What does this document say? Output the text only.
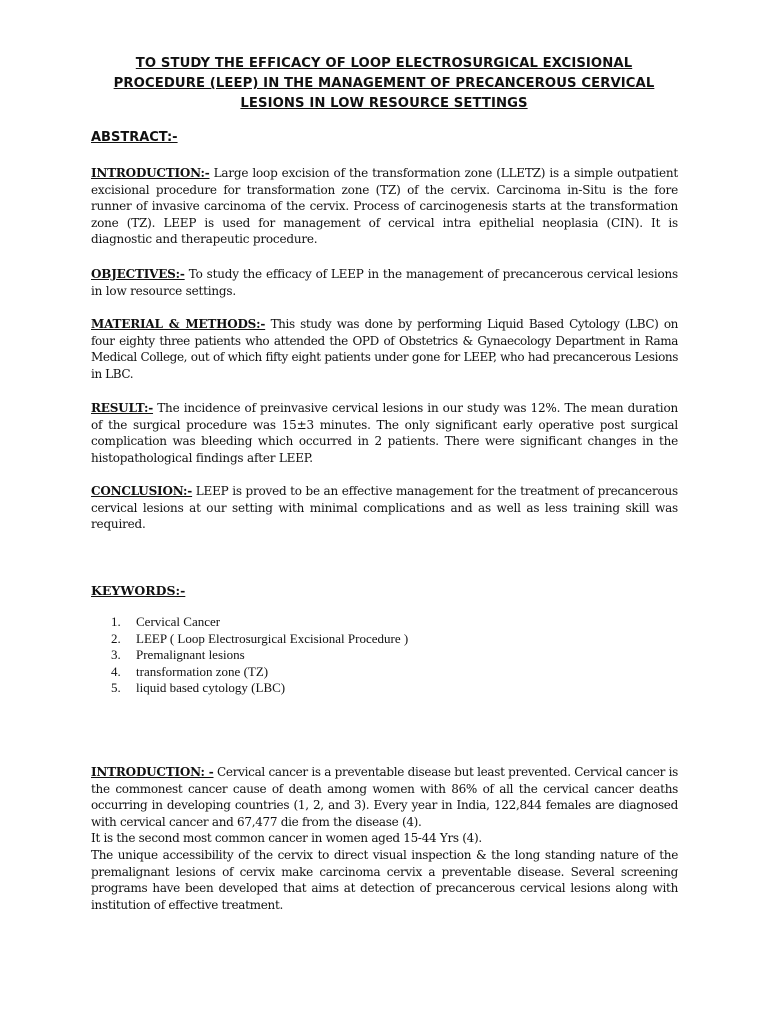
TO STUDY THE EFFICACY OF LOOP ELECTROSURGICAL EXCISIONAL
PROCEDURE (LEEP) IN THE MANAGEMENT OF PRECANCEROUS CERVICAL
LESIONS IN LOW RESOURCE SETTINGS
ABSTRACT:-
INTRODUCTION:- Large loop excision of the transformation zone (LLETZ) is a simple outpatient excisional procedure for transformation zone (TZ) of the cervix. Carcinoma in-Situ is the fore runner of invasive carcinoma of the cervix. Process of carcinogenesis starts at the transformation zone (TZ). LEEP is used for management of cervical intra epithelial neoplasia (CIN). It is diagnostic and therapeutic procedure.
OBJECTIVES:- To study the efficacy of LEEP in the management of precancerous cervical lesions in low resource settings.
MATERIAL & METHODS:- This study was done by performing Liquid Based Cytology (LBC) on four eighty three patients who attended the OPD of Obstetrics & Gynaecology Department in Rama Medical College, out of which fifty eight patients under gone for LEEP, who had precancerous Lesions in LBC.
RESULT:- The incidence of preinvasive cervical lesions in our study was 12%. The mean duration of the surgical procedure was 15±3 minutes. The only significant early operative post surgical complication was bleeding which occurred in 2 patients. There were significant changes in the histopathological findings after LEEP.
CONCLUSION:- LEEP is proved to be an effective management for the treatment of precancerous cervical lesions at our setting with minimal complications and as well as less training skill was required.
KEYWORDS:-
1.	Cervical Cancer
2.	LEEP ( Loop Electrosurgical Excisional Procedure )
3.	Premalignant lesions
4.	transformation zone (TZ)
5.	liquid based cytology (LBC)

INTRODUCTION: - Cervical cancer is a preventable disease but least prevented. Cervical cancer is the commonest cancer cause of death among women with 86% of all the cervical cancer deaths occurring in developing countries (1, 2, and 3). Every year in India, 122,844 females are diagnosed with cervical cancer and 67,477 die from the disease (4).

It is the second most common cancer in women aged 15-44 Yrs (4).

The unique accessibility of the cervix to direct visual inspection & the long standing nature of the premalignant lesions of cervix make carcinoma cervix a preventable disease. Several screening programs have been developed that aims at detection of precancerous cervical lesions along with institution of effective treatment.
